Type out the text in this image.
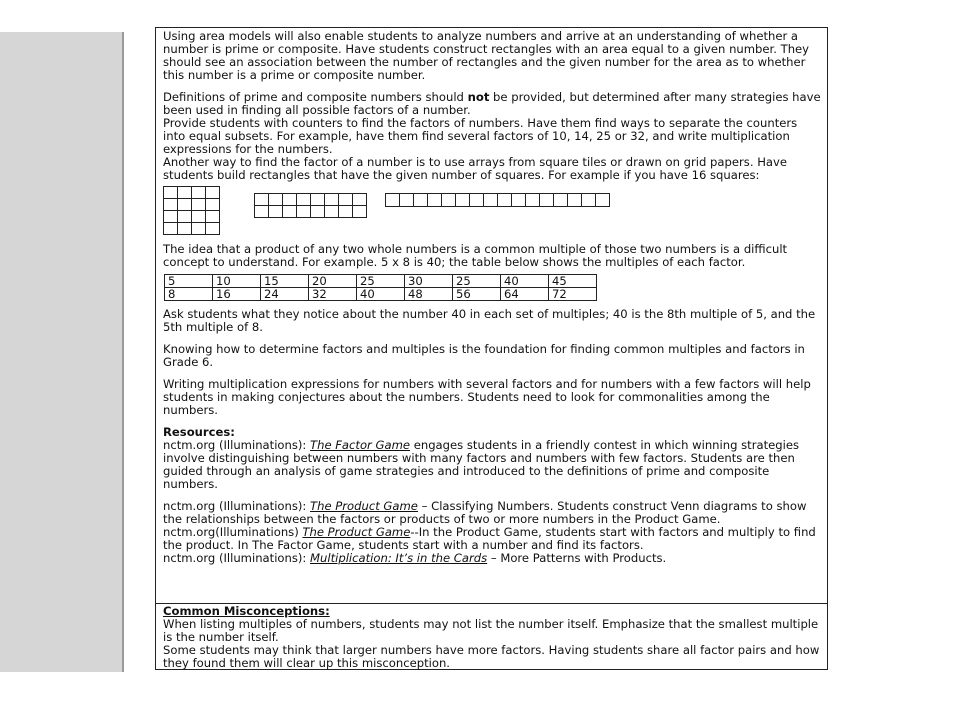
Using area models will also enable students to analyze numbers and arrive at an understanding of whether a number is prime or composite. Have students construct rectangles with an area equal to a given number. They should see an association between the number of rectangles and the given number for the area as to whether this number is a prime or composite number.

Definitions of prime and composite numbers should not be provided, but determined after many strategies have been used in finding all possible factors of a number.

Provide students with counters to find the factors of numbers. Have them find ways to separate the counters into equal subsets. For example, have them find several factors of 10, 14, 25 or 32, and write multiplication expressions for the numbers.

Another way to find the factor of a number is to use arrays from square tiles or drawn on grid papers. Have students build rectangles that have the given number of squares. For example if you have 16 squares:

The idea that a product of any two whole numbers is a common multiple of those two numbers is a difficult concept to understand. For example. 5 x 8 is 40; the table below shows the multiples of each factor.

5	10	15	20	25	30	25	40	45
8	16	24	32	40	48	56	64	72

Ask students what they notice about the number 40 in each set of multiples; 40 is the 8th multiple of 5, and the 5th multiple of 8.

Knowing how to determine factors and multiples is the foundation for finding common multiples and factors in Grade 6.

Writing multiplication expressions for numbers with several factors and for numbers with a few factors will help students in making conjectures about the numbers. Students need to look for commonalities among the numbers.

Resources:

nctm.org (Illuminations): The Factor Game engages students in a friendly contest in which winning strategies involve distinguishing between numbers with many factors and numbers with few factors. Students are then guided through an analysis of game strategies and introduced to the definitions of prime and composite numbers.

nctm.org (Illuminations): The Product Game – Classifying Numbers. Students construct Venn diagrams to show the relationships between the factors or products of two or more numbers in the Product Game.

nctm.org(Illuminations) The Product Game--In the Product Game, students start with factors and multiply to find the product. In The Factor Game, students start with a number and find its factors.

nctm.org (Illuminations): Multiplication: It’s in the Cards – More Patterns with Products.

Common Misconceptions:

When listing multiples of numbers, students may not list the number itself. Emphasize that the smallest multiple is the number itself.

Some students may think that larger numbers have more factors. Having students share all factor pairs and how they found them will clear up this misconception.
